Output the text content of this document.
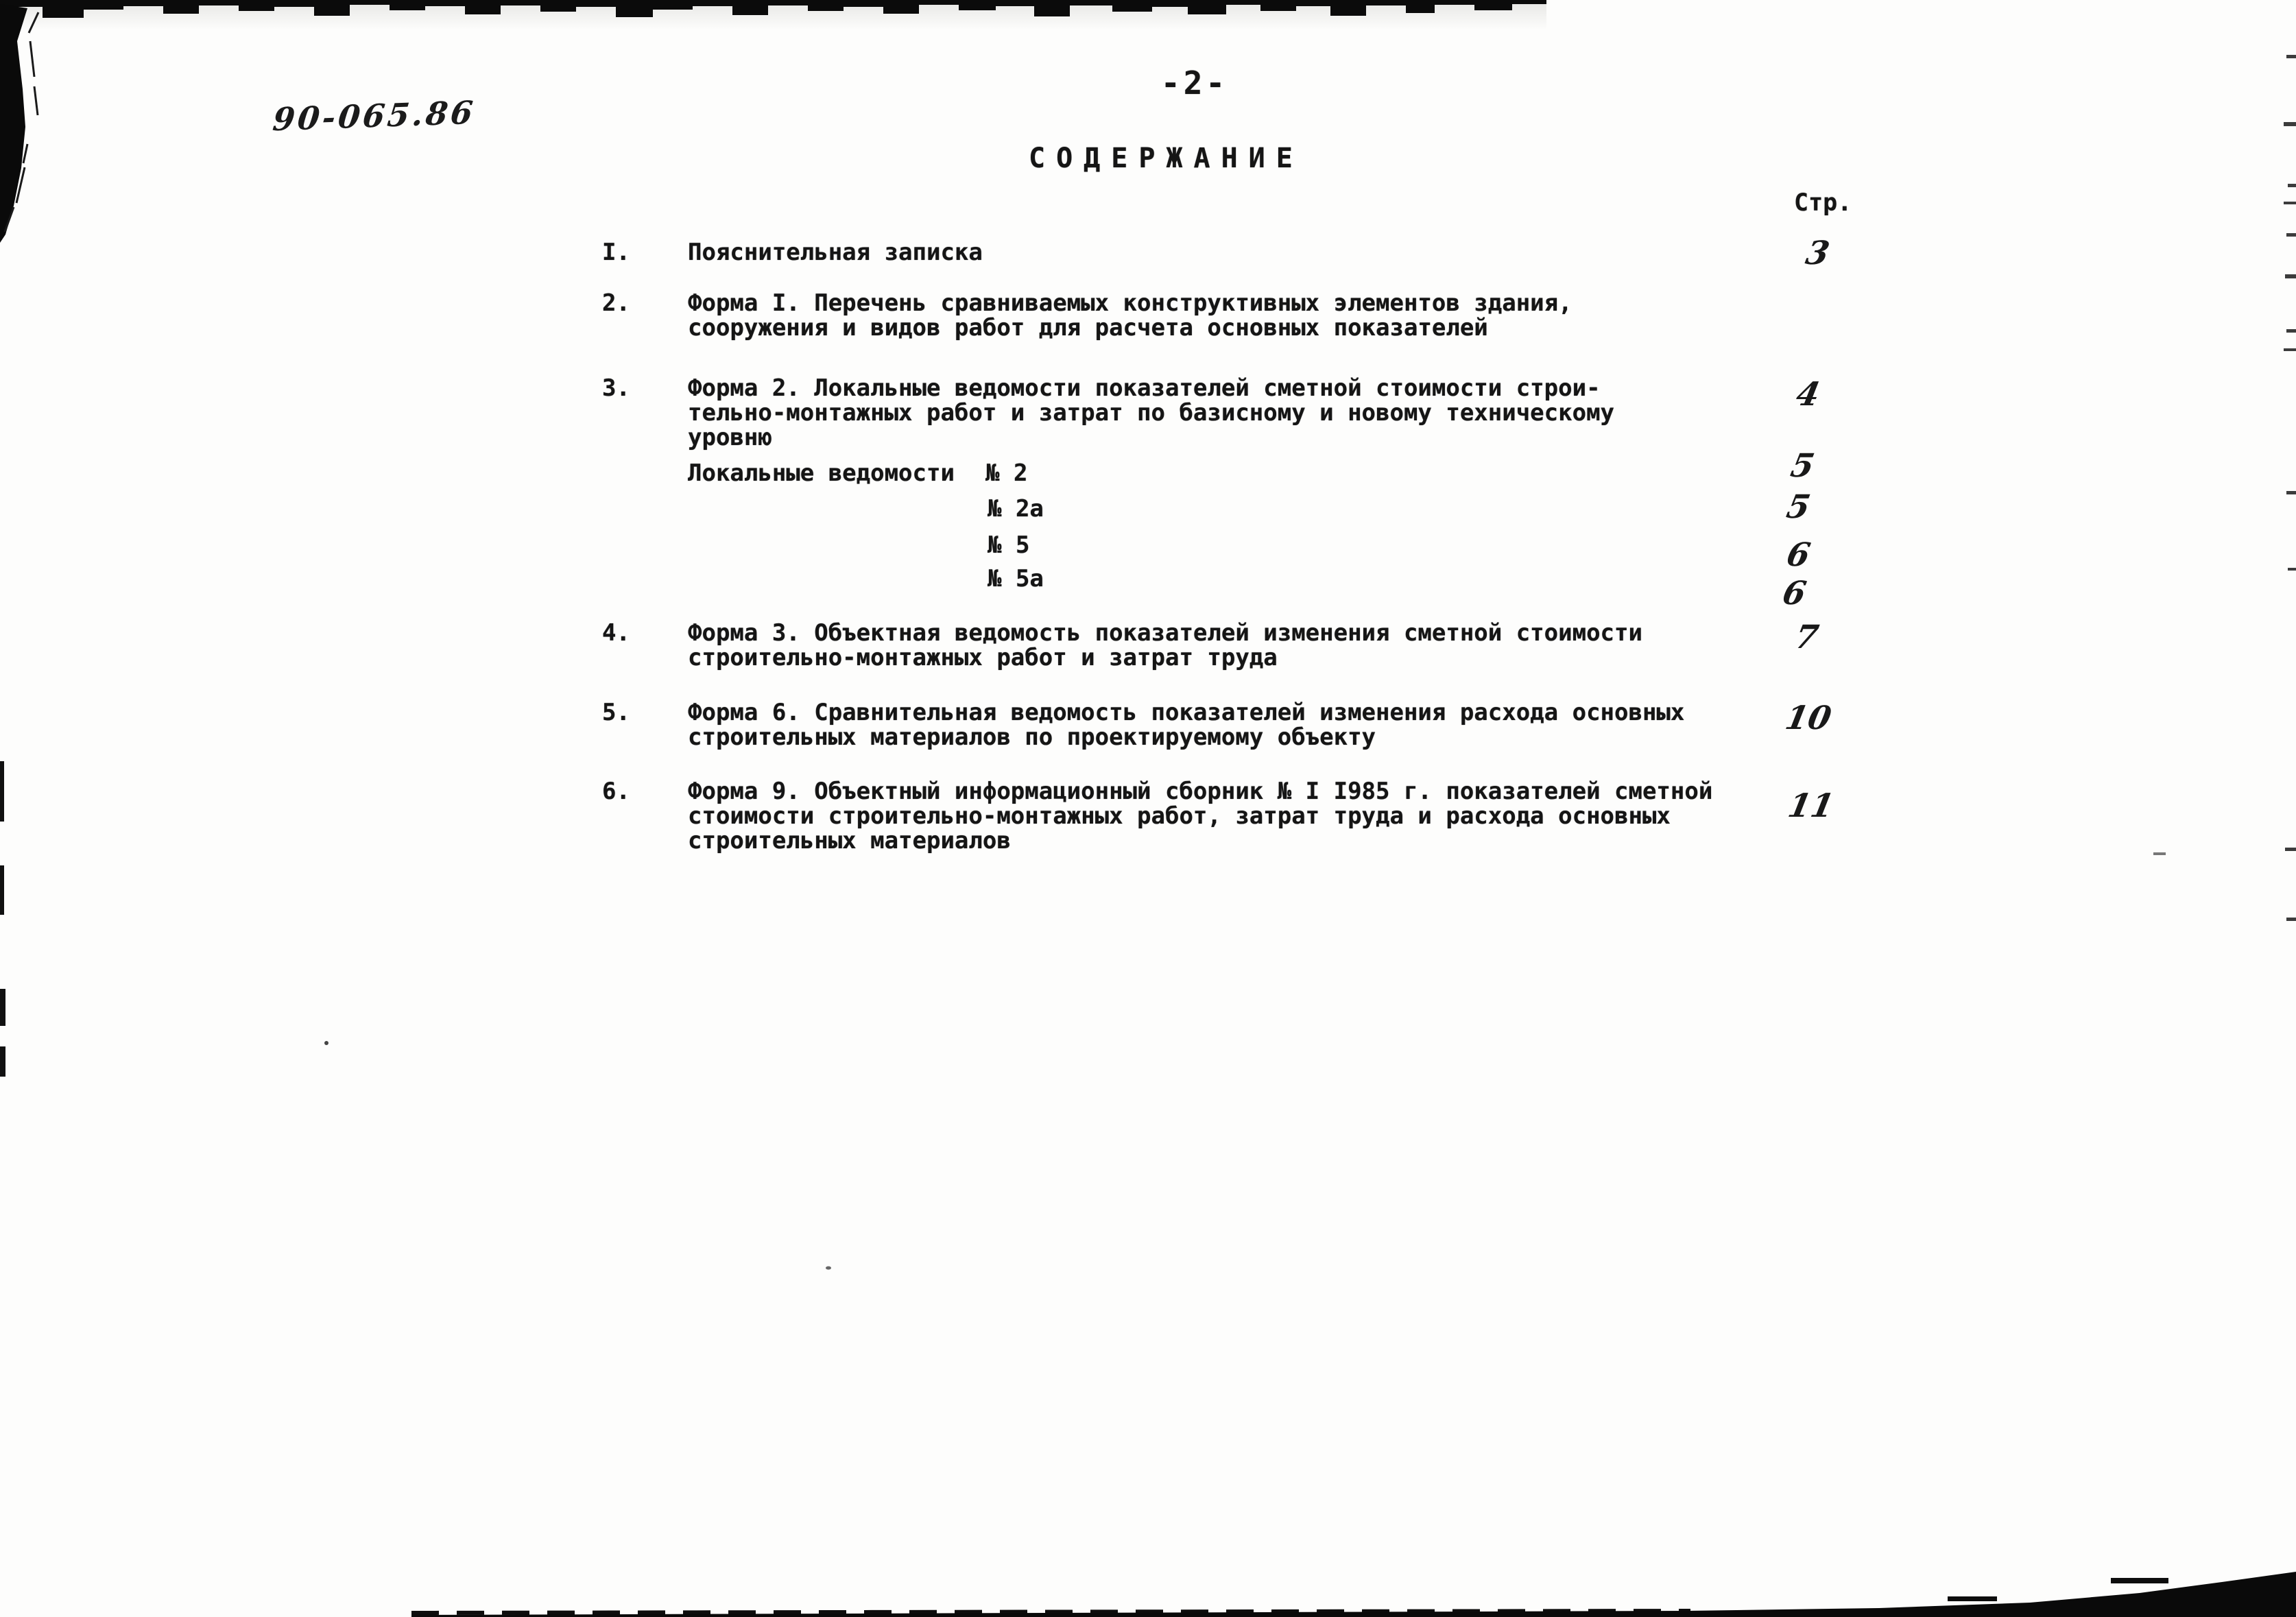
90-065.86
-2-
СОДЕРЖАНИЕ
Стр.
I. Пояснительная записка
2. Форма I. Перечень сравниваемых конструктивных элементов здания,
сооружения и видов работ для расчета основных показателей
3. Форма 2. Локальные ведомости показателей сметной стоимости строи-
тельно-монтажных работ и затрат по базисному и новому техническому
уровню
Локальные ведомости № 2
№ 2а
№ 5
№ 5а
4. Форма 3. Объектная ведомость показателей изменения сметной стоимости
строительно-монтажных работ и затрат труда
5. Форма 6. Сравнительная ведомость показателей изменения расхода основных
строительных материалов по проектируемому объекту
6. Форма 9. Объектный информационный сборник № I I985 г. показателей сметной
стоимости строительно-монтажных работ, затрат труда и расхода основных
строительных материалов
3
4
5
5
6
6
7
10
11
